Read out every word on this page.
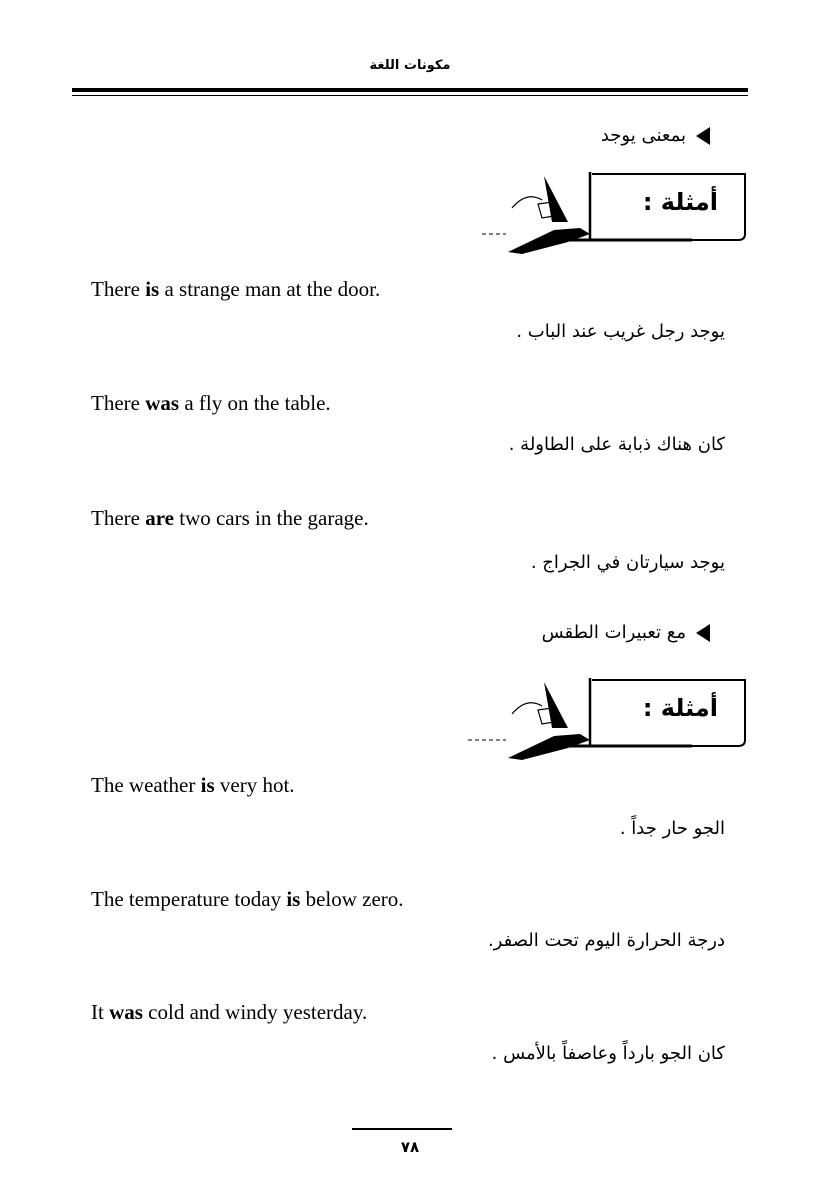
مكونات اللغة
بمعنى يوجد
أمثلة :
There is a strange man at the door.
يوجد رجل غريب عند الباب .
There was a fly on the table.
كان هناك ذبابة على الطاولة .
There are two cars in the garage.
يوجد سيارتان في الجراج .
مع تعبيرات الطقس
أمثلة :
The weather is very hot.
الجو حار جداً .
The temperature today is below zero.
درجة الحرارة اليوم تحت الصفر.
It was cold and windy yesterday.
كان الجو بارداً وعاصفاً بالأمس .
٧٨
